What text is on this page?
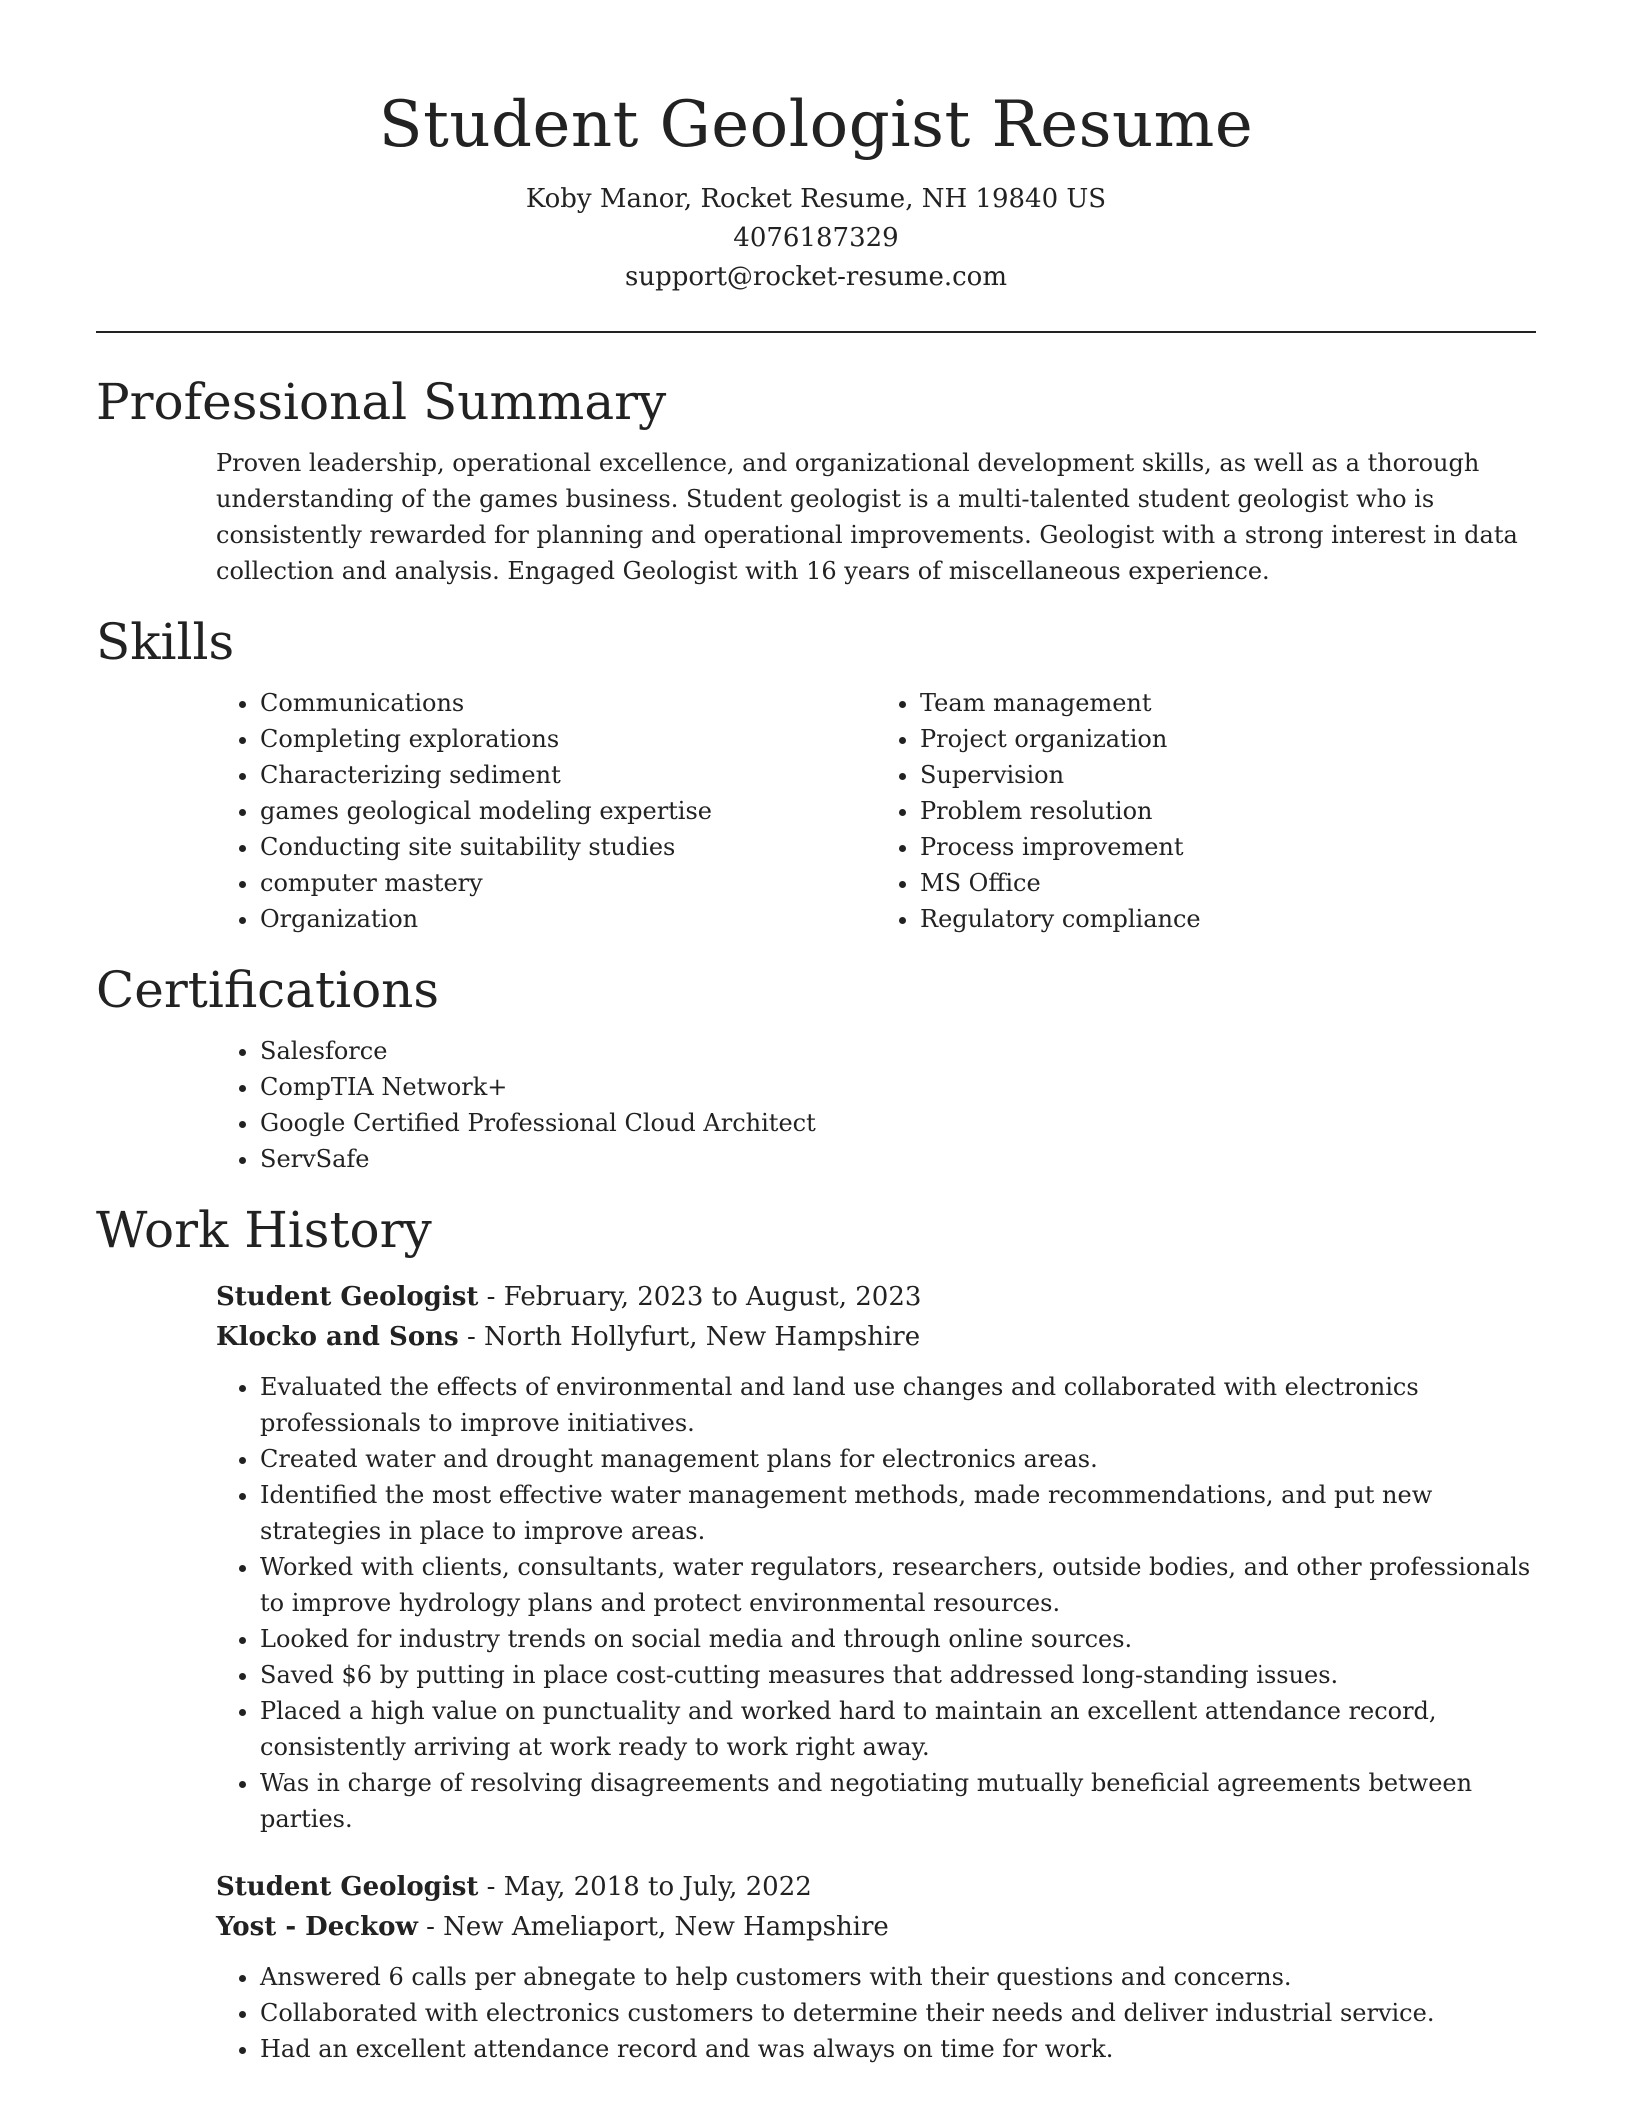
Student Geologist Resume
Koby Manor, Rocket Resume, NH 19840 US
4076187329
support@rocket-resume.com
Professional Summary
Proven leadership, operational excellence, and organizational development skills, as well as a thorough understanding of the games business. Student geologist is a multi-talented student geologist who is consistently rewarded for planning and operational improvements. Geologist with a strong interest in data collection and analysis. Engaged Geologist with 16 years of miscellaneous experience.
Skills
• Communications
• Completing explorations
• Characterizing sediment
• games geological modeling expertise
• Conducting site suitability studies
• computer mastery
• Organization
• Team management
• Project organization
• Supervision
• Problem resolution
• Process improvement
• MS Office
• Regulatory compliance
Certifications
• Salesforce
• CompTIA Network+
• Google Certified Professional Cloud Architect
• ServSafe
Work History
Student Geologist - February, 2023 to August, 2023
Klocko and Sons - North Hollyfurt, New Hampshire
• Evaluated the effects of environmental and land use changes and collaborated with electronics professionals to improve initiatives.
• Created water and drought management plans for electronics areas.
• Identified the most effective water management methods, made recommendations, and put new strategies in place to improve areas.
• Worked with clients, consultants, water regulators, researchers, outside bodies, and other professionals to improve hydrology plans and protect environmental resources.
• Looked for industry trends on social media and through online sources.
• Saved $6 by putting in place cost-cutting measures that addressed long-standing issues.
• Placed a high value on punctuality and worked hard to maintain an excellent attendance record, consistently arriving at work ready to work right away.
• Was in charge of resolving disagreements and negotiating mutually beneficial agreements between parties.
Student Geologist - May, 2018 to July, 2022
Yost - Deckow - New Ameliaport, New Hampshire
• Answered 6 calls per abnegate to help customers with their questions and concerns.
• Collaborated with electronics customers to determine their needs and deliver industrial service.
• Had an excellent attendance record and was always on time for work.
